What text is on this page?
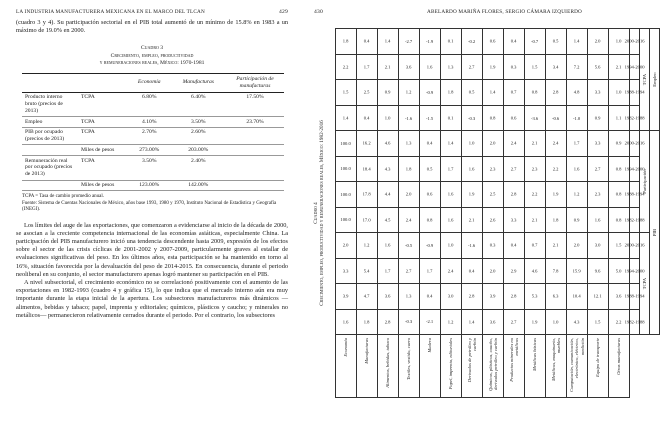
LA INDUSTRIA MANUFACTURERA MEXICANA EN EL MARCO DEL TLCAN	429

(cuadro 3 y 4). Su participación sectorial en el PIB total aumentó de un mínimo de 15.8% en 1983 a un máximo de 19.0% en 2000.

Cuadro 3
Crecimiento, empleo, productividad
y remuneraciones reales, México: 1970-1981
		Economía	Manufacturas	Participación de manufacturas
Producto interno bruto (precios de 2013)	TCPA	6.80%	6.40%	17.50%
Empleo	TCPA	4.10%	3.50%	23.70%
PIB por ocupado (precios de 2013)	TCPA	2.70%	2.60%	
	Miles de pesos	273.00%	203.00%	
Remuneración real por ocupado (precios de 2013)	TCPA	3.50%	2.40%	
	Miles de pesos	123.00%	142.00%	
TCPA = Tasa de cambio promedio anual.
Fuente: Sistema de Cuentas Nacionales de México, años base 1993, 1980 y 1970, Instituto Nacional de Estadística y Geografía (INEGI).

Los límites del auge de las exportaciones, que comenzaron a evidenciarse al inicio de la década de 2000, se asocian a la creciente competencia internacional de las economías asiáticas, especialmente China. La participación del PIB manufacturero inició una tendencia descendente hasta 2009, expresión de los efectos sobre el sector de las crisis cíclicas de 2001-2002 y 2007-2009, particularmente graves al estallar de evaluaciones significativas del peso. En los últimos años, esta participación se ha mantenido en torno al 16%, situación favorecida por la devaluación del peso de 2014-2015. En consecuencia, durante el periodo neoliberal en su conjunto, el sector manufacturero apenas logró mantener su participación en el PIB.

A nivel subsectorial, el crecimiento económico no se correlacionó positivamente con el aumento de las exportaciones en 1982-1993 (cuadro 4 y gráfica 15), lo que indica que el mercado interno aún era muy importante durante la etapa inicial de la apertura. Los subsectores manufactureros más dinámicos —alimentos, bebidas y tabaco; papel, imprenta y editoriales; químicos, plásticos y caucho; y minerales no metálicos— permanecieron relativamente cerrados durante el periodo. Por el contrario, los subsectores

430	ABELARDO MARIÑA FLORES, SERGIO CÁMARA IZQUIERDO
Cuadro 4 Crecimiento, empleo, productividad y remuneraciones reales, México: 1982-2016
Economía	1.6	3.9	3.3	2.0	100.0	100.0	100.0	100.0	1.4	1.5	2.2	1.8
Manufacturas	1.8	4.7	5.4	1.2	17.0	17.8	18.4	16.2	0.4	2.5	1.7	0.4
Alimentos, bebidas, tabaco	2.8	3.6	1.7	1.6	4.5	4.4	4.3	4.6	1.0	0.9	2.1	1.4
Textiles, vestido, cuero	-0.3	1.3	2.7	-0.5	2.4	2.0	1.8	1.3	-1.6	1.2	3.6	-2.7
Madera	-2.1	0.4	1.7	-0.9	0.8	0.6	0.5	0.4	-1.5	-0.9	1.6	-1.9
Papel, imprenta, editoriales	1.2	3.0	2.4	1.0	1.6	1.6	1.7	1.4	0.1	1.8	1.3	0.1
Derivados de petróleo y carbón	1.4	2.8	0.4	-1.6	2.1	1.9	1.6	1.0	-0.3	0.5	2.7	-0.2
Químicos, plásticos, caucho, derivados petróleo y carbón	3.6	3.9	2.0	0.3	2.6	2.5	2.3	2.0	0.8	1.4	1.9	0.6
Productos minerales no metálicos	2.7	2.8	2.9	0.4	3.3	2.8	2.7	2.4	0.6	0.7	0.3	0.4
Metálicas básicas	1.9	5.3	4.6	0.7	2.1	2.2	2.3	2.1	-3.6	0.8	1.5	-0.7
Metálicos, maquinaria, muebles	1.0	6.3	7.8	2.1	1.8	1.9	2.2	2.4	-0.6	2.8	3.4	0.5
Computación, comunicación, electrónico, eléctrico, medición	4.3	10.4	15.9	2.0	0.9	1.2	1.6	1.7	-1.0	4.8	7.2	1.4
Equipo de transporte	1.5	12.1	9.6	3.0	1.6	2.3	2.7	3.3	0.9	3.3	5.6	2.0
Otras manufacturas	2.2	3.6	5.0	1.5	0.8	0.8	0.8	0.9	1.1	1.0	2.1	1.0
	1982-1988	1988-1994	1994-2000	2000-2016	1982-1988	1988-1994	1994-2000	2000-2016	1982-1988	1988-1994	1994-2000	2000-2016
	TCPA				Participación				TCPA			
	PIB								Empleo			
